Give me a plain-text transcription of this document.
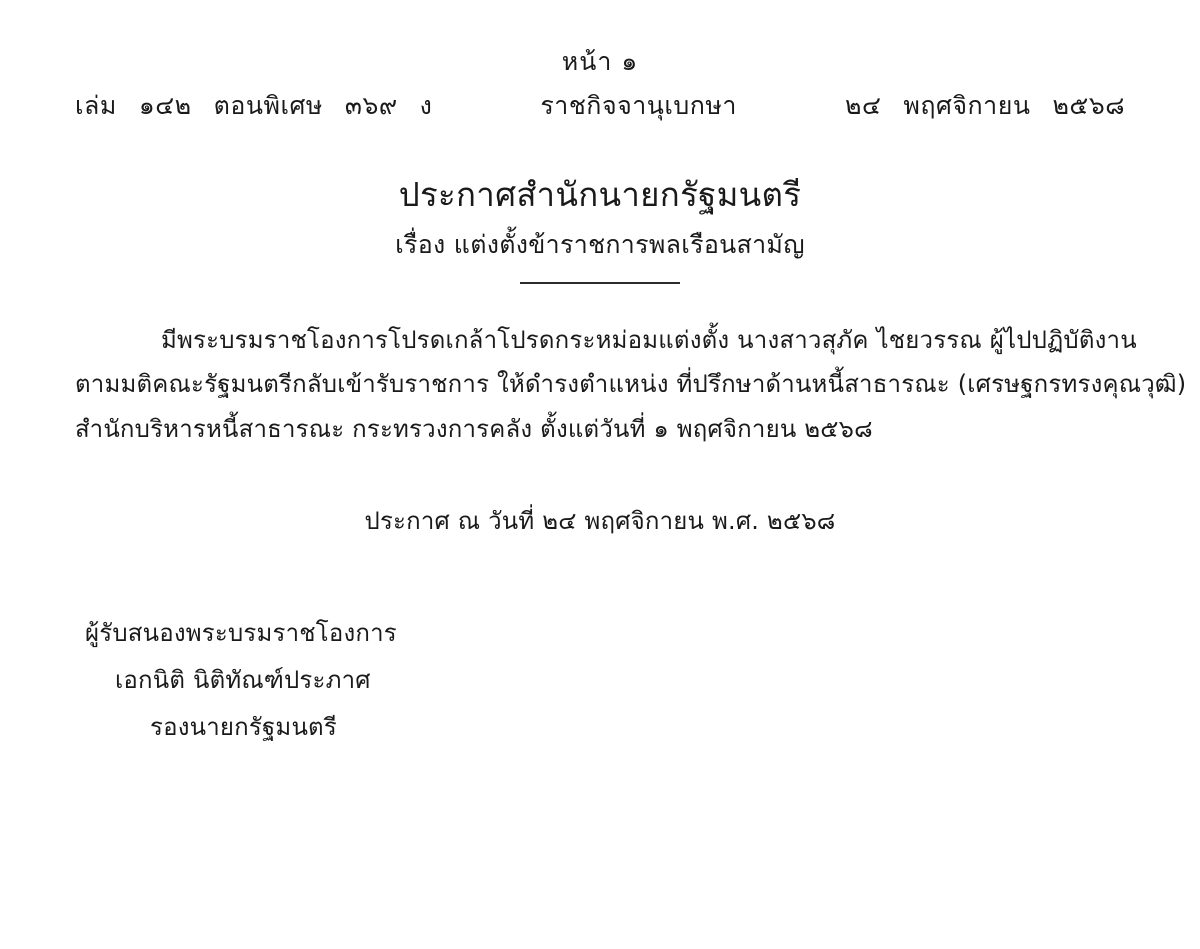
หน้า ๑
เล่ม ๑๔๒ ตอนพิเศษ ๓๖๙ ง	ราชกิจจานุเบกษา	๒๔ พฤศจิกายน ๒๕๖๘
ประกาศสำนักนายกรัฐมนตรี
เรื่อง แต่งตั้งข้าราชการพลเรือนสามัญ
มีพระบรมราชโองการโปรดเกล้าโปรดกระหม่อมแต่งตั้ง นางสาวสุภัค ไชยวรรณ ผู้ไปปฏิบัติงาน
ตามมติคณะรัฐมนตรีกลับเข้ารับราชการ ให้ดำรงตำแหน่ง ที่ปรึกษาด้านหนี้สาธารณะ (เศรษฐกรทรงคุณวุฒิ)
สำนักบริหารหนี้สาธารณะ กระทรวงการคลัง ตั้งแต่วันที่ ๑ พฤศจิกายน ๒๕๖๘
ประกาศ ณ วันที่ ๒๔ พฤศจิกายน พ.ศ. ๒๕๖๘
ผู้รับสนองพระบรมราชโองการ
เอกนิติ นิติทัณฑ์ประภาศ
รองนายกรัฐมนตรี
